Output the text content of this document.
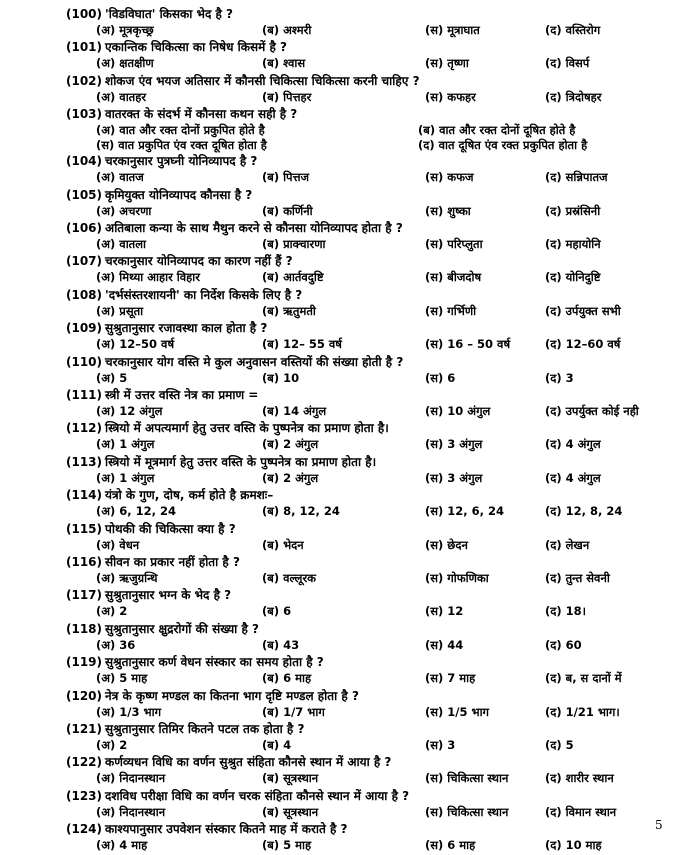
(100) 'विडविघात' किसका भेद है ?
(अ) मूत्रकृच्छ्र	(ब) अश्मरी	(स) मूत्राघात	(द) वस्तिरोग
(101) एकान्तिक चिकित्सा का निषेध किसमें है ?
(अ) क्षतक्षीण	(ब) श्वास	(स) तृष्णा	(द) विसर्प
(102) शोकज एंव भयज अतिसार में कौनसी चिकित्सा चिकित्सा करनी चाहिए ?
(अ) वातहर	(ब) पित्तहर	(स) कफहर	(द) त्रिदोषहर
(103) वातरक्त के संदर्भ में कौनसा कथन सही है ?
(अ) वात और रक्त दोनों प्रकुपित होते है	(ब) वात और रक्त दोनों दूषित होते है
(स) वात प्रकुपित एंव रक्त दूषित होता है	(द) वात दूषित एंव रक्त प्रकुपित होता है
(104) चरकानुसार पुत्रघ्नी योनिव्यापद है ?
(अ) वातज	(ब) पित्तज	(स) कफज	(द) सन्निपातज
(105) कृमियुक्त योनिव्यापद कौनसा है ?
(अ) अचरणा	(ब) कर्णिनी	(स) शुष्का	(द) प्रस्रंसिनी
(106) अतिबाला कन्या के साथ मैथुन करने से कौनसा योनिव्यापद होता है ?
(अ) वातला	(ब) प्राक्चारणा	(स) परिप्लुता	(द) महायोनि
(107) चरकानुसार योनिव्यापद का कारण नहीं हैं ?
(अ) मिथ्या आहार विहार	(ब) आर्तवदुष्टि	(स) बीजदोष	(द) योनिदुष्टि
(108) 'दर्भसंस्तरशायनी' का निर्देश किसके लिए है ?
(अ) प्रसूता	(ब) ऋतुमती	(स) गर्भिणी	(द) उर्पयुक्त सभी
(109) सुश्रुतानुसार रजावस्था काल होता है ?
(अ) 12–50 वर्ष	(ब) 12– 55 वर्ष	(स) 16 – 50 वर्ष	(द) 12–60 वर्ष
(110) चरकानुसार योग वस्ति मे कुल अनुवासन वस्तियों की संख्या होती है ?
(अ) 5	(ब) 10	(स) 6	(द) 3
(111) स्त्री में उत्तर वस्ति नेत्र का प्रमाण =
(अ) 12 अंगुल	(ब) 14 अंगुल	(स) 10 अंगुल	(द) उपर्युक्त कोई नही
(112) स्त्रियो में अपत्यमार्ग हेतु उत्तर वस्ति के पुष्पनेत्र का प्रमाण होता है।
(अ) 1 अंगुल	(ब) 2 अंगुल	(स) 3 अंगुल	(द) 4 अंगुल
(113) स्त्रियो में मूत्रमार्ग हेतु उत्तर वस्ति के पुष्पनेत्र का प्रमाण होता है।
(अ) 1 अंगुल	(ब) 2 अंगुल	(स) 3 अंगुल	(द) 4 अंगुल
(114) यंत्रो के गुण, दोष, कर्म होते है क्रमशः–
(अ) 6, 12, 24	(ब) 8, 12, 24	(स) 12, 6, 24	(द) 12, 8, 24
(115) पोथकी की चिकित्सा क्या है ?
(अ) वेधन	(ब) भेदन	(स) छेदन	(द) लेखन
(116) सीवन का प्रकार नहीं होता है ?
(अ) ऋजुग्रन्थि	(ब) वल्लूरक	(स) गोफणिका	(द) तुन्त सेवनी
(117) सुश्रुतानुसार भग्न के भेद है ?
(अ) 2	(ब) 6	(स) 12	(द) 18।
(118) सुश्रुतानुसार क्षुद्ररोगों की संख्या है ?
(अ) 36	(ब) 43	(स) 44	(द) 60
(119) सुश्रुतानुसार कर्ण वेधन संस्कार का समय होता है ?
(अ) 5 माह	(ब) 6 माह	(स) 7 माह	(द) ब, स दानों में
(120) नेत्र के कृष्ण मण्डल का कितना भाग दृष्टि मण्डल होता है ?
(अ) 1/3 भाग	(ब) 1/7 भाग	(स) 1/5 भाग	(द) 1/21 भाग।
(121) सुश्रुतानुसार तिमिर कितने पटल तक होता है ?
(अ) 2	(ब) 4	(स) 3	(द) 5
(122) कर्णव्यधन विधि का वर्णन सुश्रुत संहिता कौनसे स्थान में आया है ?
(अ) निदानस्थान	(ब) सूत्रस्थान	(स) चिकित्सा स्थान	(द) शारीर स्थान
(123) दशविध परीक्षा विधि का वर्णन चरक संहिता कौनसे स्थान में आया है ?
(अ) निदानस्थान	(ब) सूत्रस्थान	(स) चिकित्सा स्थान	(द) विमान स्थान
(124) काश्यपानुसार उपवेशन संस्कार कितने माह में कराते है ?
(अ) 4 माह	(ब) 5 माह	(स) 6 माह	(द) 10 माह
5
